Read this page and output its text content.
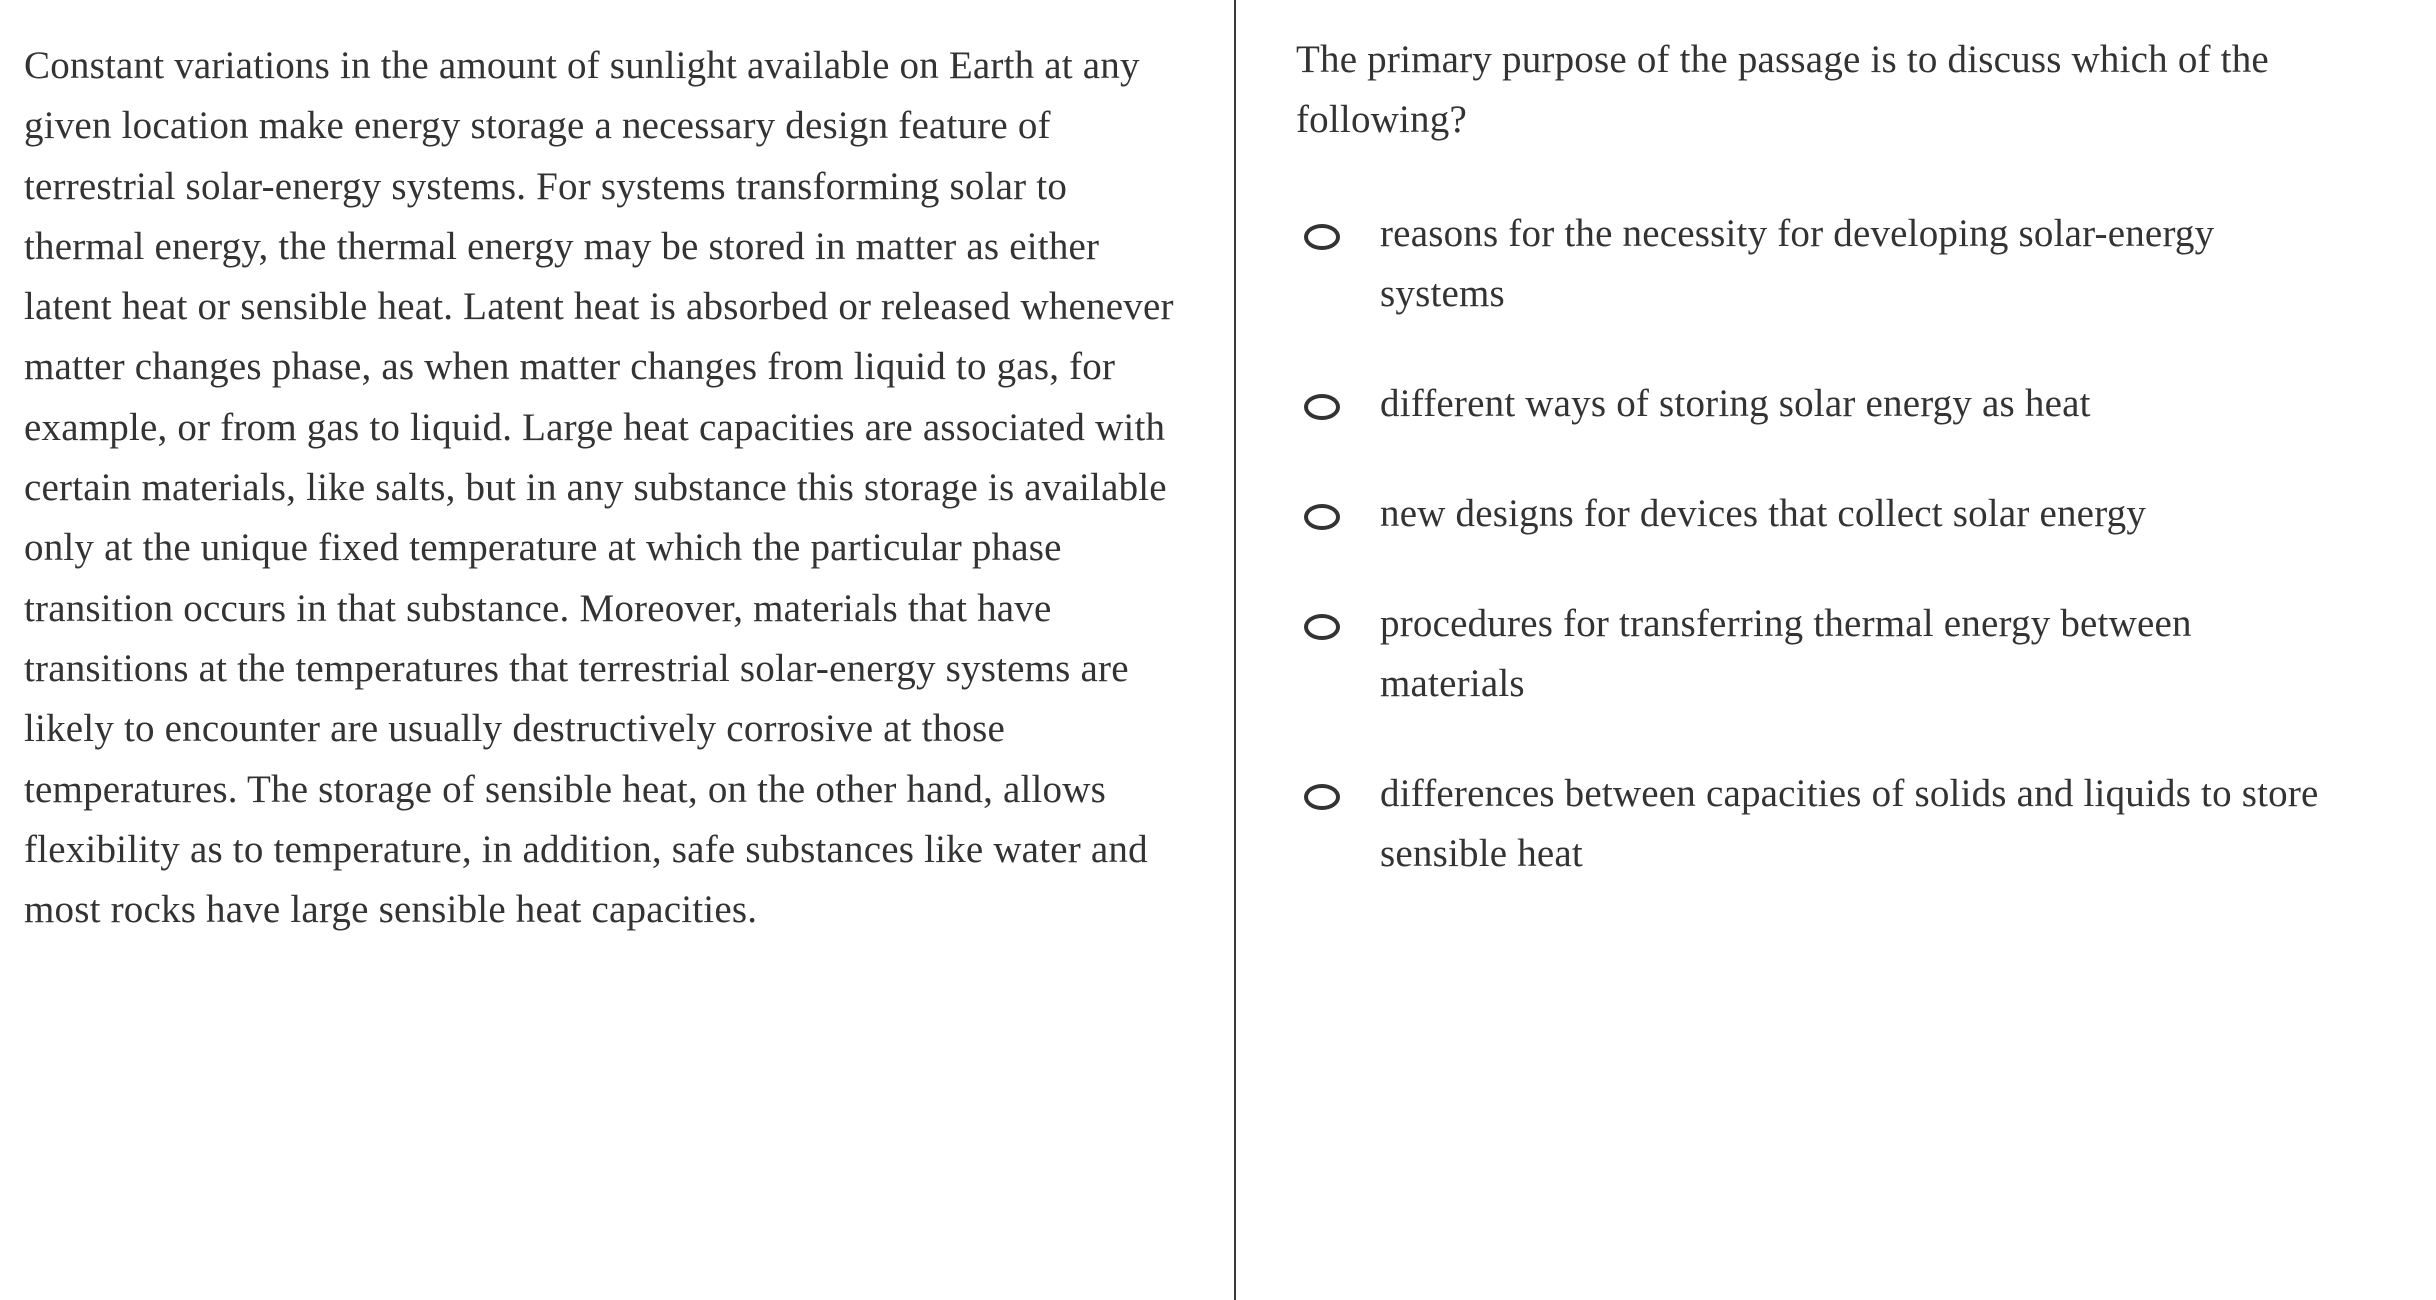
Constant variations in the amount of sunlight available on Earth at any given location make energy storage a necessary design feature of terrestrial solar-energy systems. For systems transforming solar to thermal energy, the thermal energy may be stored in matter as either latent heat or sensible heat. Latent heat is absorbed or released whenever matter changes phase, as when matter changes from liquid to gas, for example, or from gas to liquid. Large heat capacities are associated with certain materials, like salts, but in any substance this storage is available only at the unique fixed temperature at which the particular phase transition occurs in that substance. Moreover, materials that have transitions at the temperatures that terrestrial solar-energy systems are likely to encounter are usually destructively corrosive at those temperatures. The storage of sensible heat, on the other hand, allows flexibility as to temperature, in addition, safe substances like water and most rocks have large sensible heat capacities.

The primary purpose of the passage is to discuss which of the following?

reasons for the necessity for developing solar-energy systems
different ways of storing solar energy as heat
new designs for devices that collect solar energy
procedures for transferring thermal energy between materials
differences between capacities of solids and liquids to store sensible heat
